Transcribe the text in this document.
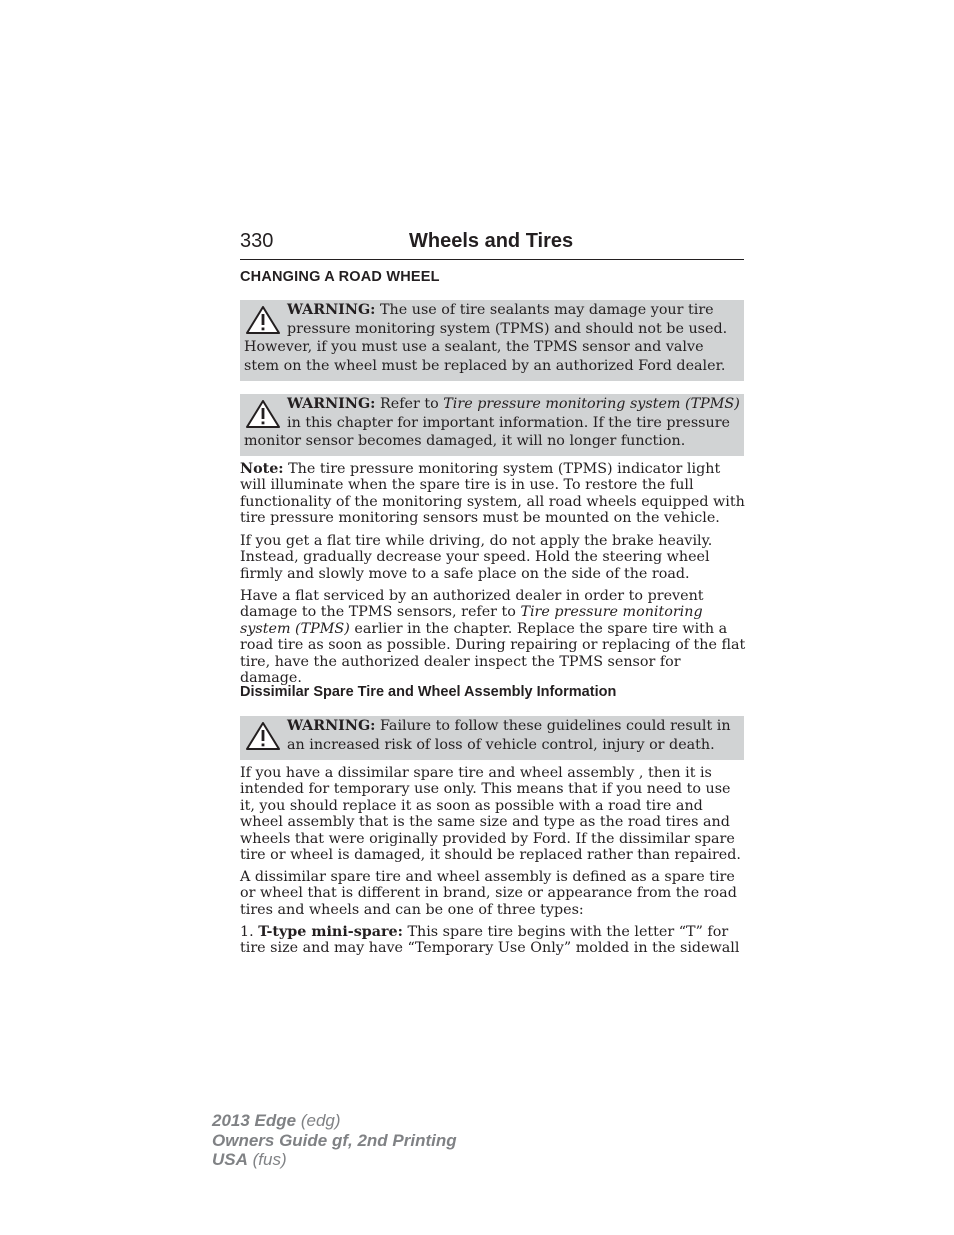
330	Wheels and Tires
CHANGING A ROAD WHEEL
WARNING: The use of tire sealants may damage your tire pressure monitoring system (TPMS) and should not be used. However, if you must use a sealant, the TPMS sensor and valve stem on the wheel must be replaced by an authorized Ford dealer.
WARNING: Refer to Tire pressure monitoring system (TPMS) in this chapter for important information. If the tire pressure monitor sensor becomes damaged, it will no longer function.
Note: The tire pressure monitoring system (TPMS) indicator light will illuminate when the spare tire is in use. To restore the full functionality of the monitoring system, all road wheels equipped with tire pressure monitoring sensors must be mounted on the vehicle.
If you get a flat tire while driving, do not apply the brake heavily. Instead, gradually decrease your speed. Hold the steering wheel firmly and slowly move to a safe place on the side of the road.
Have a flat serviced by an authorized dealer in order to prevent damage to the TPMS sensors, refer to Tire pressure monitoring system (TPMS) earlier in the chapter. Replace the spare tire with a road tire as soon as possible. During repairing or replacing of the flat tire, have the authorized dealer inspect the TPMS sensor for damage.
Dissimilar Spare Tire and Wheel Assembly Information
WARNING: Failure to follow these guidelines could result in an increased risk of loss of vehicle control, injury or death.
If you have a dissimilar spare tire and wheel assembly , then it is intended for temporary use only. This means that if you need to use it, you should replace it as soon as possible with a road tire and wheel assembly that is the same size and type as the road tires and wheels that were originally provided by Ford. If the dissimilar spare tire or wheel is damaged, it should be replaced rather than repaired.
A dissimilar spare tire and wheel assembly is defined as a spare tire or wheel that is different in brand, size or appearance from the road tires and wheels and can be one of three types:
1. T-type mini-spare: This spare tire begins with the letter “T” for tire size and may have “Temporary Use Only” molded in the sidewall
2013 Edge (edg)
Owners Guide gf, 2nd Printing
USA (fus)
